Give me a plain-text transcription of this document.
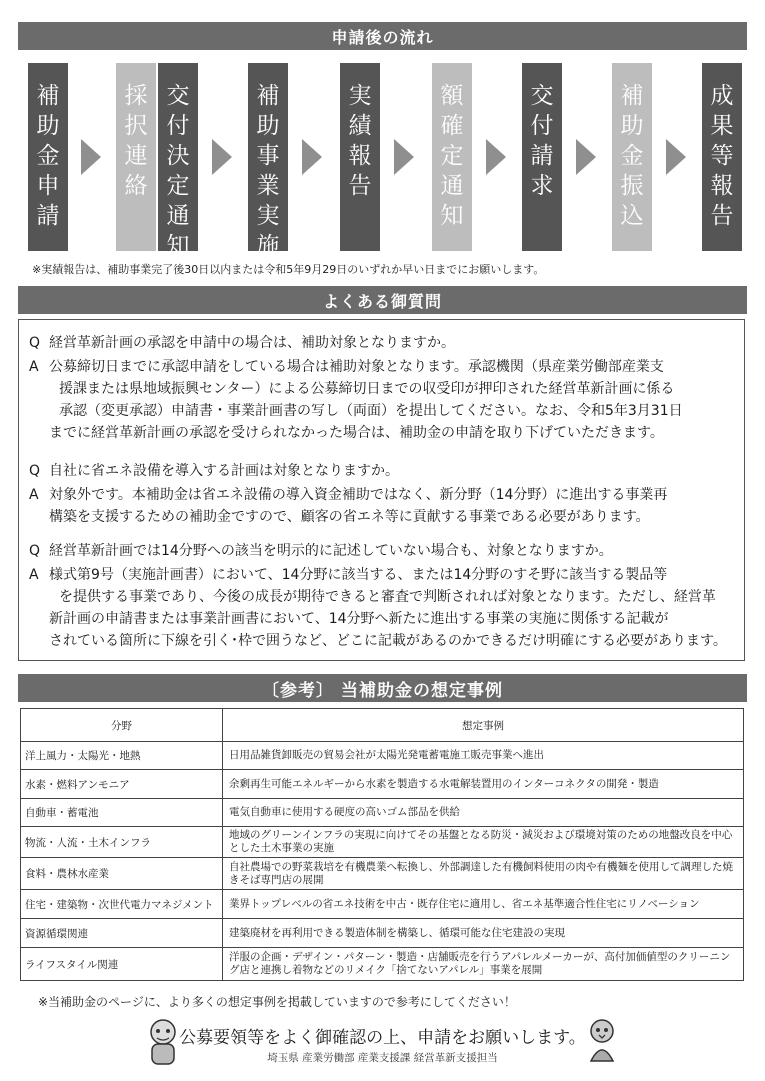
申請後の流れ
補
助
金
申
請
採
択
連
絡
交
付
決
定
通
知
補
助
事
業
実
施
実
績
報
告
額
確
定
通
知
交
付
請
求
補
助
金
振
込
成
果
等
報
告
※実績報告は、補助事業完了後30日以内または令和5年9月29日のいずれか早い日までにお願いします。
よくある御質問
Q 経営革新計画の承認を申請中の場合は、補助対象となりますか。
A 公募締切日までに承認申請をしている場合は補助対象となります。承認機関（県産業労働部産業支
援課または県地域振興センター）による公募締切日までの収受印が押印された経営革新計画に係る
承認（変更承認）申請書・事業計画書の写し（両面）を提出してください。なお、令和5年3月31日
までに経営革新計画の承認を受けられなかった場合は、補助金の申請を取り下げていただきます。
Q 自社に省エネ設備を導入する計画は対象となりますか。
A 対象外です。本補助金は省エネ設備の導入資金補助ではなく、新分野（14分野）に進出する事業再
構築を支援するための補助金ですので、顧客の省エネ等に貢献する事業である必要があります。
Q 経営革新計画では14分野への該当を明示的に記述していない場合も、対象となりますか。
A 様式第9号（実施計画書）において、14分野に該当する、または14分野のすそ野に該当する製品等
を提供する事業であり、今後の成長が期待できると審査で判断されれば対象となります。ただし、経営革
新計画の申請書または事業計画書において、14分野へ新たに進出する事業の実施に関係する記載が
されている箇所に下線を引く･枠で囲うなど、どこに記載があるのかできるだけ明確にする必要があります。
〔参考〕 当補助金の想定事例
分野	想定事例
洋上風力・太陽光・地熱	日用品雑貨卸販売の貿易会社が太陽光発電蓄電施工販売事業へ進出
水素・燃料アンモニア	余剰再生可能エネルギーから水素を製造する水電解装置用のインターコネクタの開発・製造
自動車・蓄電池	電気自動車に使用する硬度の高いゴム部品を供給
物流・人流・土木インフラ	地域のグリーンインフラの実現に向けてその基盤となる防災・減災および環境対策のための地盤改良を中心とした土木事業の実施
食料・農林水産業	自社農場での野菜栽培を有機農業へ転換し、外部調達した有機飼料使用の肉や有機麺を使用して調理した焼きそば専門店の展開
住宅・建築物・次世代電力マネジメント	業界トップレベルの省エネ技術を中古・既存住宅に適用し、省エネ基準適合性住宅にリノベーション
資源循環関連	建築廃材を再利用できる製造体制を構築し、循環可能な住宅建設の実現
ライフスタイル関連	洋服の企画・デザイン・パターン・製造・店舗販売を行うアパレルメーカーが、高付加価値型のクリーニング店と連携し着物などのリメイク「捨てないアパレル」事業を展開
※当補助金のページに、より多くの想定事例を掲載していますので参考にしてください！
公募要領等をよく御確認の上、申請をお願いします。
埼玉県 産業労働部 産業支援課 経営革新支援担当
